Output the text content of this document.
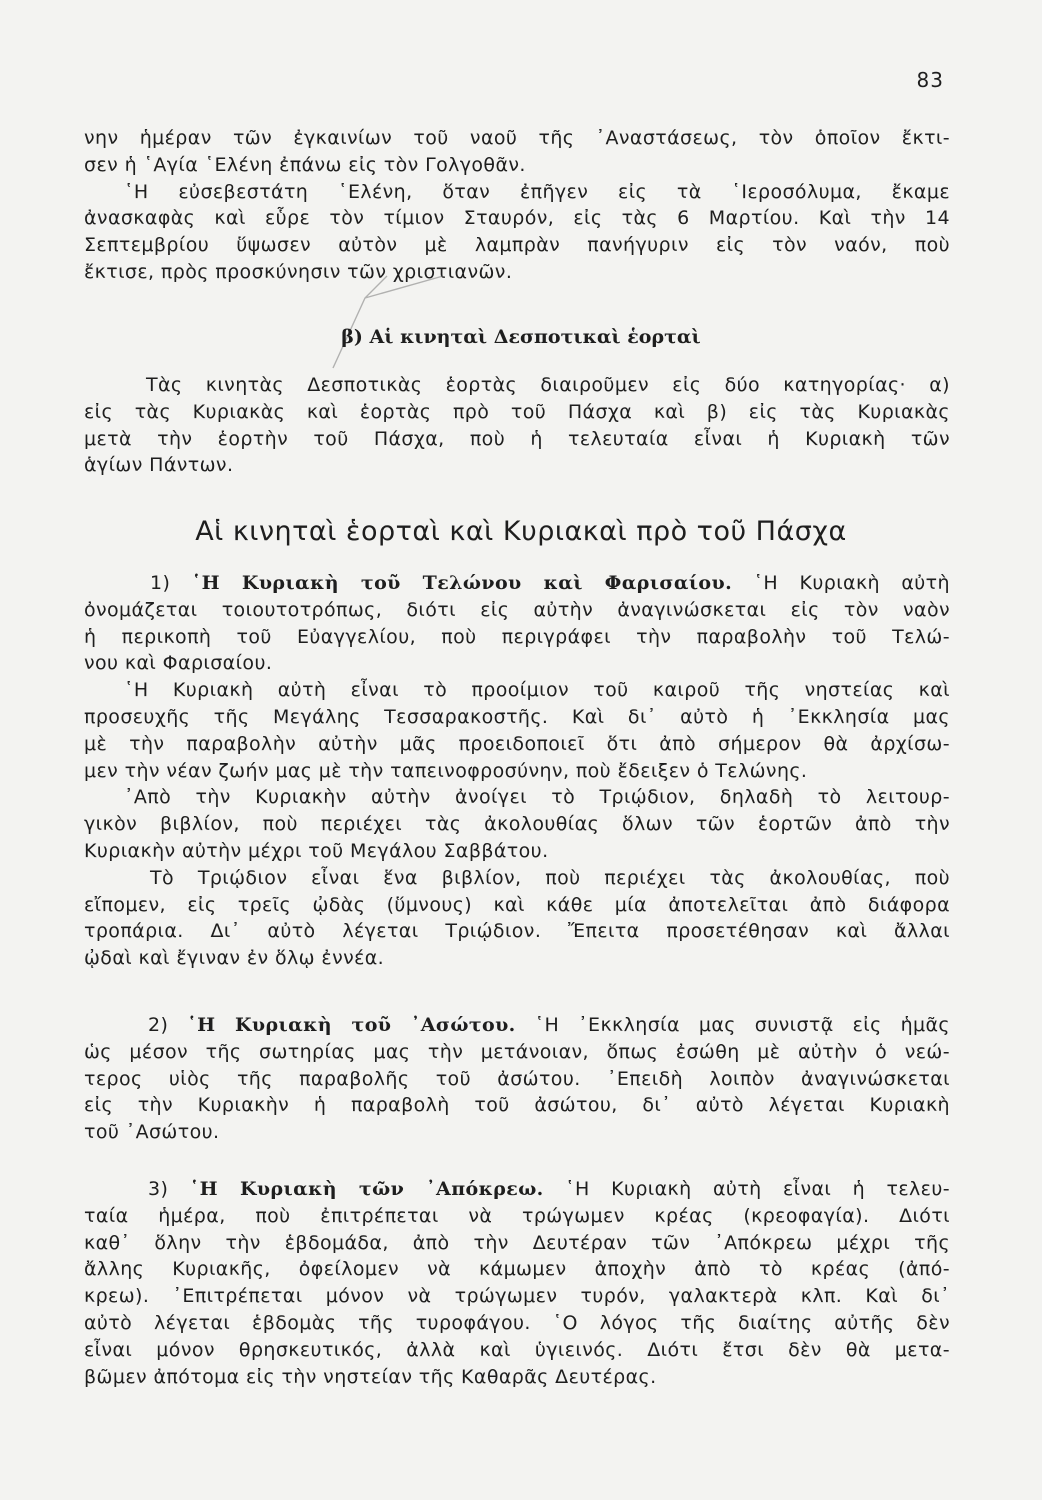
83
νην ἡμέραν τῶν ἐγκαινίων τοῦ ναοῦ τῆς ᾿Αναστάσεως, τὸν ὁποῖον ἔκτι-
σεν ἡ ῾Αγία ῾Ελένη ἐπάνω εἰς τὸν Γολγοθᾶν.
῾Η εὐσεβεστάτη ῾Ελένη, ὅταν ἐπῆγεν εἰς τὰ ῾Ιεροσόλυμα, ἔκαμε
ἀνασκαφὰς καὶ εὗρε τὸν τίμιον Σταυρόν, εἰς τὰς 6 Μαρτίου. Καὶ τὴν 14
Σεπτεμβρίου ὕψωσεν αὐτὸν μὲ λαμπρὰν πανήγυριν εἰς τὸν ναόν, ποὺ
ἔκτισε, πρὸς προσκύνησιν τῶν χριστιανῶν.
β) Αἱ κινηταὶ Δεσποτικαὶ ἑορταὶ
Τὰς κινητὰς Δεσποτικὰς ἑορτὰς διαιροῦμεν εἰς δύο κατηγορίας· α)
εἰς τὰς Κυριακὰς καὶ ἑορτὰς πρὸ τοῦ Πάσχα καὶ β) εἰς τὰς Κυριακὰς
μετὰ τὴν ἑορτὴν τοῦ Πάσχα, ποὺ ἡ τελευταία εἶναι ἡ Κυριακὴ τῶν
ἁγίων Πάντων.
Αἱ κινηταὶ ἑορταὶ καὶ Κυριακαὶ πρὸ τοῦ Πάσχα
1) ῾Η Κυριακὴ τοῦ Τελώνου καὶ Φαρισαίου. ῾Η Κυριακὴ αὐτὴ
ὀνομάζεται τοιουτοτρόπως, διότι εἰς αὐτὴν ἀναγινώσκεται εἰς τὸν ναὸν
ἡ περικοπὴ τοῦ Εὐαγγελίου, ποὺ περιγράφει τὴν παραβολὴν τοῦ Τελώ-
νου καὶ Φαρισαίου.
῾Η Κυριακὴ αὐτὴ εἶναι τὸ προοίμιον τοῦ καιροῦ τῆς νηστείας καὶ
προσευχῆς τῆς Μεγάλης Τεσσαρακοστῆς. Καὶ δι᾿ αὐτὸ ἡ ᾿Εκκλησία μας
μὲ τὴν παραβολὴν αὐτὴν μᾶς προειδοποιεῖ ὅτι ἀπὸ σήμερον θὰ ἀρχίσω-
μεν τὴν νέαν ζωήν μας μὲ τὴν ταπεινοφροσύνην, ποὺ ἔδειξεν ὁ Τελώνης.
᾿Απὸ τὴν Κυριακὴν αὐτὴν ἀνοίγει τὸ Τριῴδιον, δηλαδὴ τὸ λειτουρ-
γικὸν βιβλίον, ποὺ περιέχει τὰς ἀκολουθίας ὅλων τῶν ἑορτῶν ἀπὸ τὴν
Κυριακὴν αὐτὴν μέχρι τοῦ Μεγάλου Σαββάτου.
Τὸ Τριῴδιον εἶναι ἕνα βιβλίον, ποὺ περιέχει τὰς ἀκολουθίας, ποὺ
εἴπομεν, εἰς τρεῖς ᾠδὰς (ὕμνους) καὶ κάθε μία ἀποτελεῖται ἀπὸ διάφορα
τροπάρια. Δι᾿ αὐτὸ λέγεται Τριῴδιον. Ἔπειτα προσετέθησαν καὶ ἄλλαι
ᾠδαὶ καὶ ἔγιναν ἐν ὅλῳ ἐννέα.
2) ῾Η Κυριακὴ τοῦ ᾿Ασώτου. ῾Η ᾿Εκκλησία μας συνιστᾷ εἰς ἡμᾶς
ὡς μέσον τῆς σωτηρίας μας τὴν μετάνοιαν, ὅπως ἐσώθη μὲ αὐτὴν ὁ νεώ-
τερος υἱὸς τῆς παραβολῆς τοῦ ἀσώτου. ᾿Επειδὴ λοιπὸν ἀναγινώσκεται
εἰς τὴν Κυριακὴν ἡ παραβολὴ τοῦ ἀσώτου, δι᾿ αὐτὸ λέγεται Κυριακὴ
τοῦ ᾿Ασώτου.
3) ῾Η Κυριακὴ τῶν ᾿Απόκρεω. ῾Η Κυριακὴ αὐτὴ εἶναι ἡ τελευ-
ταία ἡμέρα, ποὺ ἐπιτρέπεται νὰ τρώγωμεν κρέας (κρεοφαγία). Διότι
καθ᾿ ὅλην τὴν ἑβδομάδα, ἀπὸ τὴν Δευτέραν τῶν ᾿Απόκρεω μέχρι τῆς
ἄλλης Κυριακῆς, ὀφείλομεν νὰ κάμωμεν ἀποχὴν ἀπὸ τὸ κρέας (ἀπό-
κρεω). ᾿Επιτρέπεται μόνον νὰ τρώγωμεν τυρόν, γαλακτερὰ κλπ. Καὶ δι᾿
αὐτὸ λέγεται ἑβδομὰς τῆς τυροφάγου. ῾Ο λόγος τῆς διαίτης αὐτῆς δὲν
εἶναι μόνον θρησκευτικός, ἀλλὰ καὶ ὑγιεινός. Διότι ἔτσι δὲν θὰ μετα-
βῶμεν ἀπότομα εἰς τὴν νηστείαν τῆς Καθαρᾶς Δευτέρας.
